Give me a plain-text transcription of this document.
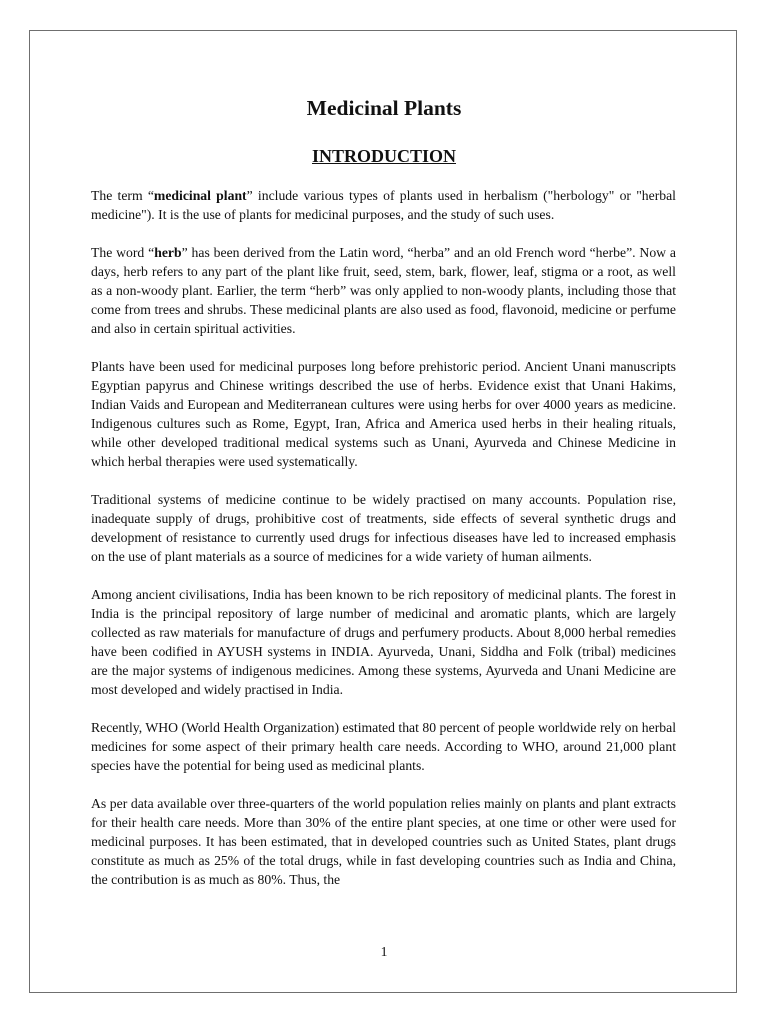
Medicinal Plants
INTRODUCTION

The term “medicinal plant” include various types of plants used in herbalism ("herbology" or "herbal medicine"). It is the use of plants for medicinal purposes, and the study of such uses.

The word “herb” has been derived from the Latin word, “herba” and an old French word “herbe”. Now a days, herb refers to any part of the plant like fruit, seed, stem, bark, flower, leaf, stigma or a root, as well as a non-woody plant. Earlier, the term “herb” was only applied to non-woody plants, including those that come from trees and shrubs. These medicinal plants are also used as food, flavonoid, medicine or perfume and also in certain spiritual activities.

Plants have been used for medicinal purposes long before prehistoric period. Ancient Unani manuscripts Egyptian papyrus and Chinese writings described the use of herbs. Evidence exist that Unani Hakims, Indian Vaids and European and Mediterranean cultures were using herbs for over 4000 years as medicine. Indigenous cultures such as Rome, Egypt, Iran, Africa and America used herbs in their healing rituals, while other developed traditional medical systems such as Unani, Ayurveda and Chinese Medicine in which herbal therapies were used systematically.

Traditional systems of medicine continue to be widely practised on many accounts. Population rise, inadequate supply of drugs, prohibitive cost of treatments, side effects of several synthetic drugs and development of resistance to currently used drugs for infectious diseases have led to increased emphasis on the use of plant materials as a source of medicines for a wide variety of human ailments.

Among ancient civilisations, India has been known to be rich repository of medicinal plants. The forest in India is the principal repository of large number of medicinal and aromatic plants, which are largely collected as raw materials for manufacture of drugs and perfumery products. About 8,000 herbal remedies have been codified in AYUSH systems in INDIA. Ayurveda, Unani, Siddha and Folk (tribal) medicines are the major systems of indigenous medicines. Among these systems, Ayurveda and Unani Medicine are most developed and widely practised in India.

Recently, WHO (World Health Organization) estimated that 80 percent of people worldwide rely on herbal medicines for some aspect of their primary health care needs. According to WHO, around 21,000 plant species have the potential for being used as medicinal plants.

As per data available over three-quarters of the world population relies mainly on plants and plant extracts for their health care needs. More than 30% of the entire plant species, at one time or other were used for medicinal purposes. It has been estimated, that in developed countries such as United States, plant drugs constitute as much as 25% of the total drugs, while in fast developing countries such as India and China, the contribution is as much as 80%. Thus, the

1
